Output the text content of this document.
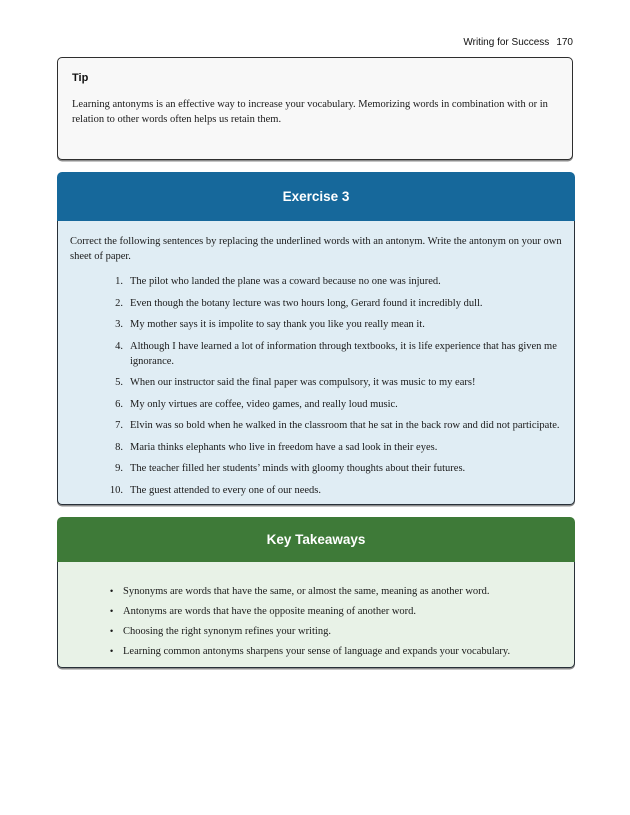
Writing for Success 170
Tip
Learning antonyms is an effective way to increase your vocabulary. Memorizing words in combination with or in relation to other words often helps us retain them.
Exercise 3

Correct the following sentences by replacing the underlined words with an antonym. Write the antonym on your own sheet of paper.

1. The pilot who landed the plane was a coward because no one was injured.
2. Even though the botany lecture was two hours long, Gerard found it incredibly dull.
3. My mother says it is impolite to say thank you like you really mean it.
4. Although I have learned a lot of information through textbooks, it is life experience that has given me ignorance.
5. When our instructor said the final paper was compulsory, it was music to my ears!
6. My only virtues are coffee, video games, and really loud music.
7. Elvin was so bold when he walked in the classroom that he sat in the back row and did not participate.
8. Maria thinks elephants who live in freedom have a sad look in their eyes.
9. The teacher filled her students’ minds with gloomy thoughts about their futures.
10. The guest attended to every one of our needs.
Key Takeaways
• Synonyms are words that have the same, or almost the same, meaning as another word.
• Antonyms are words that have the opposite meaning of another word.
• Choosing the right synonym refines your writing.
• Learning common antonyms sharpens your sense of language and expands your vocabulary.
